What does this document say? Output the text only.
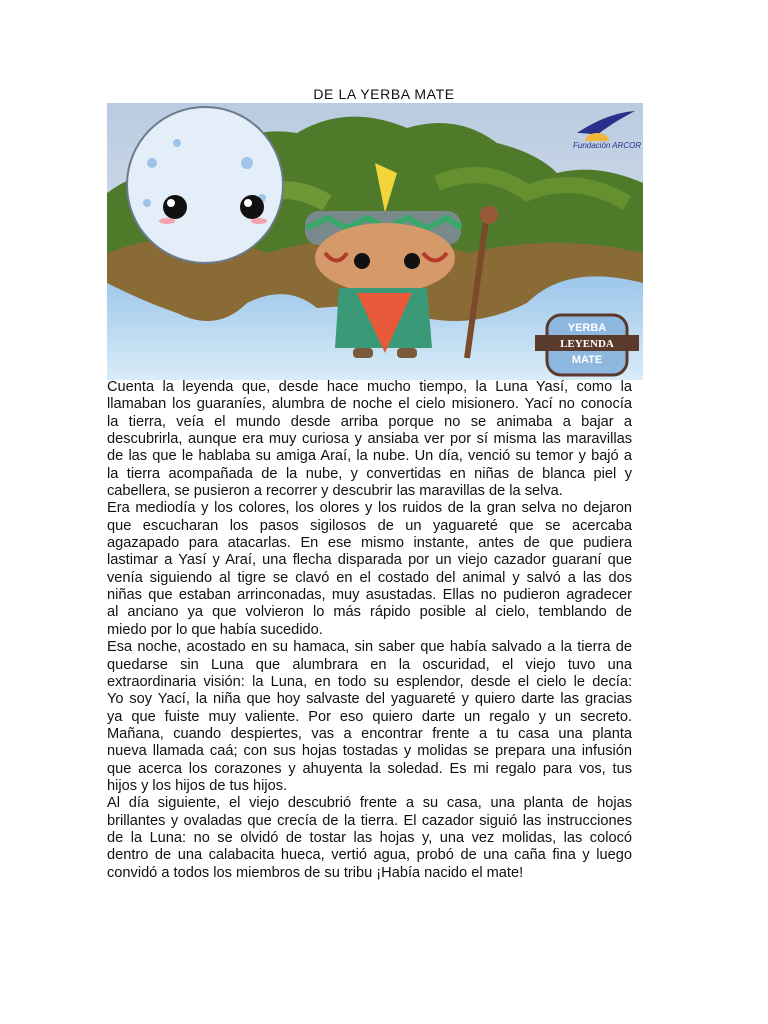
DE LA YERBA MATE
Fundación ARCOR
YERBA
LEYENDA
MATE
Cuenta la leyenda que, desde hace mucho tiempo, la Luna Yasí, como la
llamaban los guaraníes, alumbra de noche el cielo misionero. Yací no conocía
la tierra, veía el mundo desde arriba porque no se animaba a bajar a
descubrirla, aunque era muy curiosa y ansiaba ver por sí misma las maravillas
de las que le hablaba su amiga Araí, la nube. Un día, venció su temor y bajó a
la tierra acompañada de la nube, y convertidas en niñas de blanca piel y
cabellera, se pusieron a recorrer y descubrir las maravillas de la selva.
Era mediodía y los colores, los olores y los ruidos de la gran selva no dejaron
que escucharan los pasos sigilosos de un yaguareté que se acercaba
agazapado para atacarlas. En ese mismo instante, antes de que pudiera
lastimar a Yasí y Araí, una flecha disparada por un viejo cazador guaraní que
venía siguiendo al tigre se clavó en el costado del animal y salvó a las dos
niñas que estaban arrinconadas, muy asustadas. Ellas no pudieron agradecer
al anciano ya que volvieron lo más rápido posible al cielo, temblando de
miedo por lo que había sucedido.
Esa noche, acostado en su hamaca, sin saber que había salvado a la tierra de
quedarse sin Luna que alumbrara en la oscuridad, el viejo tuvo una
extraordinaria visión: la Luna, en todo su esplendor, desde el cielo le decía:
Yo soy Yací, la niña que hoy salvaste del yaguareté y quiero darte las gracias
ya que fuiste muy valiente. Por eso quiero darte un regalo y un secreto.
Mañana, cuando despiertes, vas a encontrar frente a tu casa una planta
nueva llamada caá; con sus hojas tostadas y molidas se prepara una infusión
que acerca los corazones y ahuyenta la soledad. Es mi regalo para vos, tus
hijos y los hijos de tus hijos.
Al día siguiente, el viejo descubrió frente a su casa, una planta de hojas
brillantes y ovaladas que crecía de la tierra. El cazador siguió las instrucciones
de la Luna: no se olvidó de tostar las hojas y, una vez molidas, las colocó
dentro de una calabacita hueca, vertió agua, probó de una caña fina y luego
convidó a todos los miembros de su tribu ¡Había nacido el mate!
